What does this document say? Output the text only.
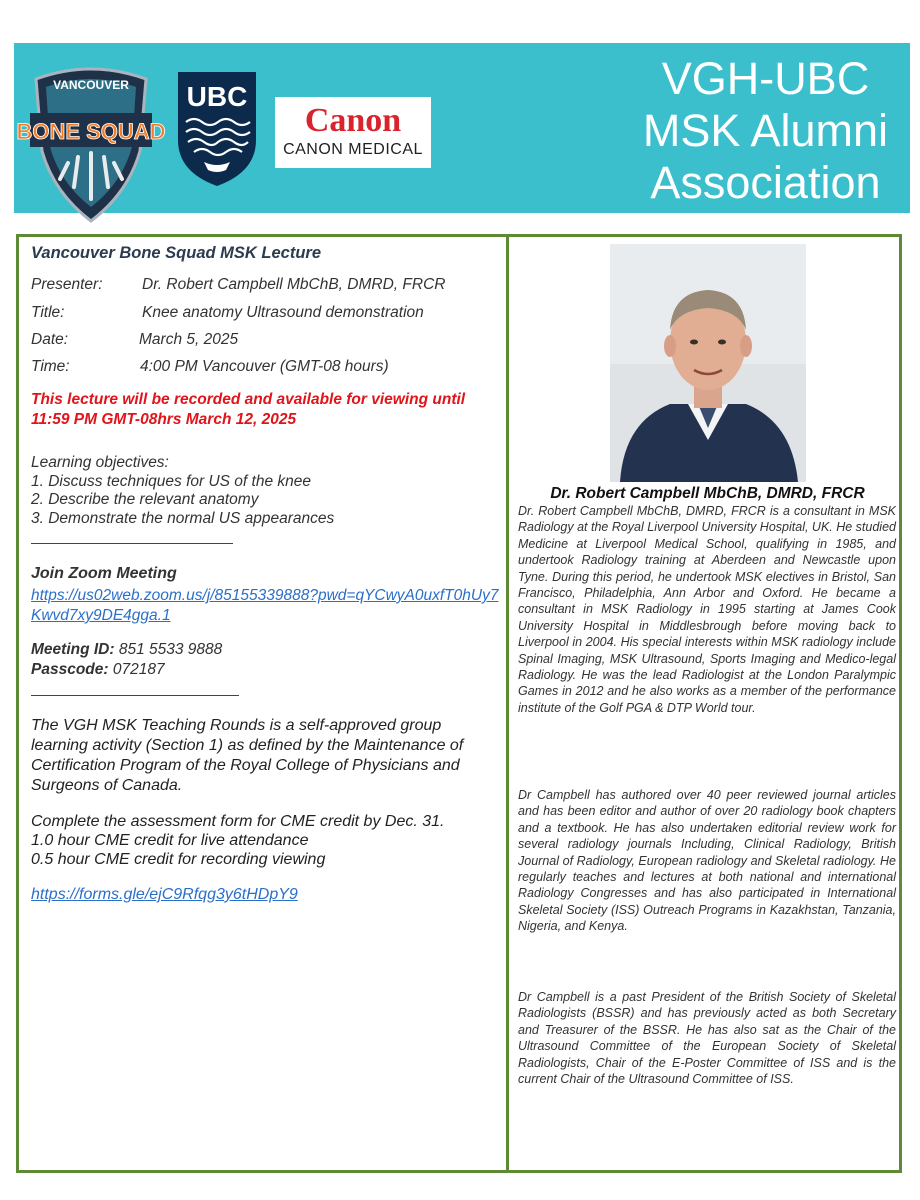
VANCOUVER
BONE SQUAD
UBC
Canon
CANON MEDICAL
VGH-UBC
MSK Alumni
Association
Vancouver Bone Squad MSK Lecture
Presenter:	Dr. Robert Campbell MbChB, DMRD, FRCR
Title:	Knee anatomy Ultrasound demonstration
Date:	March 5, 2025
Time:	4:00 PM Vancouver (GMT-08 hours)
This lecture will be recorded and available for viewing until 11:59 PM GMT-08hrs March 12, 2025
Learning objectives:
1. Discuss techniques for US of the knee
2. Describe the relevant anatomy
3. Demonstrate the normal US appearances
Join Zoom Meeting
https://us02web.zoom.us/j/85155339888?pwd=qYCwyA0uxfT0hUy7Kwvd7xy9DE4gga.1
Meeting ID: 851 5533 9888
Passcode: 072187
The VGH MSK Teaching Rounds is a self-approved group learning activity (Section 1) as defined by the Maintenance of Certification Program of the Royal College of Physicians and Surgeons of Canada.
Complete the assessment form for CME credit by Dec. 31.
1.0 hour CME credit for live attendance
0.5 hour CME credit for recording viewing
https://forms.gle/ejC9Rfqg3y6tHDpY9
Dr. Robert Campbell MbChB, DMRD, FRCR

Dr. Robert Campbell MbChB, DMRD, FRCR is a consultant in MSK Radiology at the Royal Liverpool University Hospital, UK. He studied Medicine at Liverpool Medical School, qualifying in 1985, and undertook Radiology training at Aberdeen and Newcastle upon Tyne. During this period, he undertook MSK electives in Bristol, San Francisco, Philadelphia, Ann Arbor and Oxford. He became a consultant in MSK Radiology in 1995 starting at James Cook University Hospital in Middlesbrough before moving back to Liverpool in 2004. His special interests within MSK radiology include Spinal Imaging, MSK Ultrasound, Sports Imaging and Medico-legal Radiology. He was the lead Radiologist at the London Paralympic Games in 2012 and he also works as a member of the performance institute of the Golf PGA & DTP World tour.

Dr Campbell has authored over 40 peer reviewed journal articles and has been editor and author of over 20 radiology book chapters and a textbook. He has also undertaken editorial review work for several radiology journals Including, Clinical Radiology, British Journal of Radiology, European radiology and Skeletal radiology. He regularly teaches and lectures at both national and international Radiology Congresses and has also participated in International Skeletal Society (ISS) Outreach Programs in Kazakhstan, Tanzania, Nigeria, and Kenya.

Dr Campbell is a past President of the British Society of Skeletal Radiologists (BSSR) and has previously acted as both Secretary and Treasurer of the BSSR. He has also sat as the Chair of the Ultrasound Committee of the European Society of Skeletal Radiologists, Chair of the E-Poster Committee of ISS and is the current Chair of the Ultrasound Committee of ISS.
